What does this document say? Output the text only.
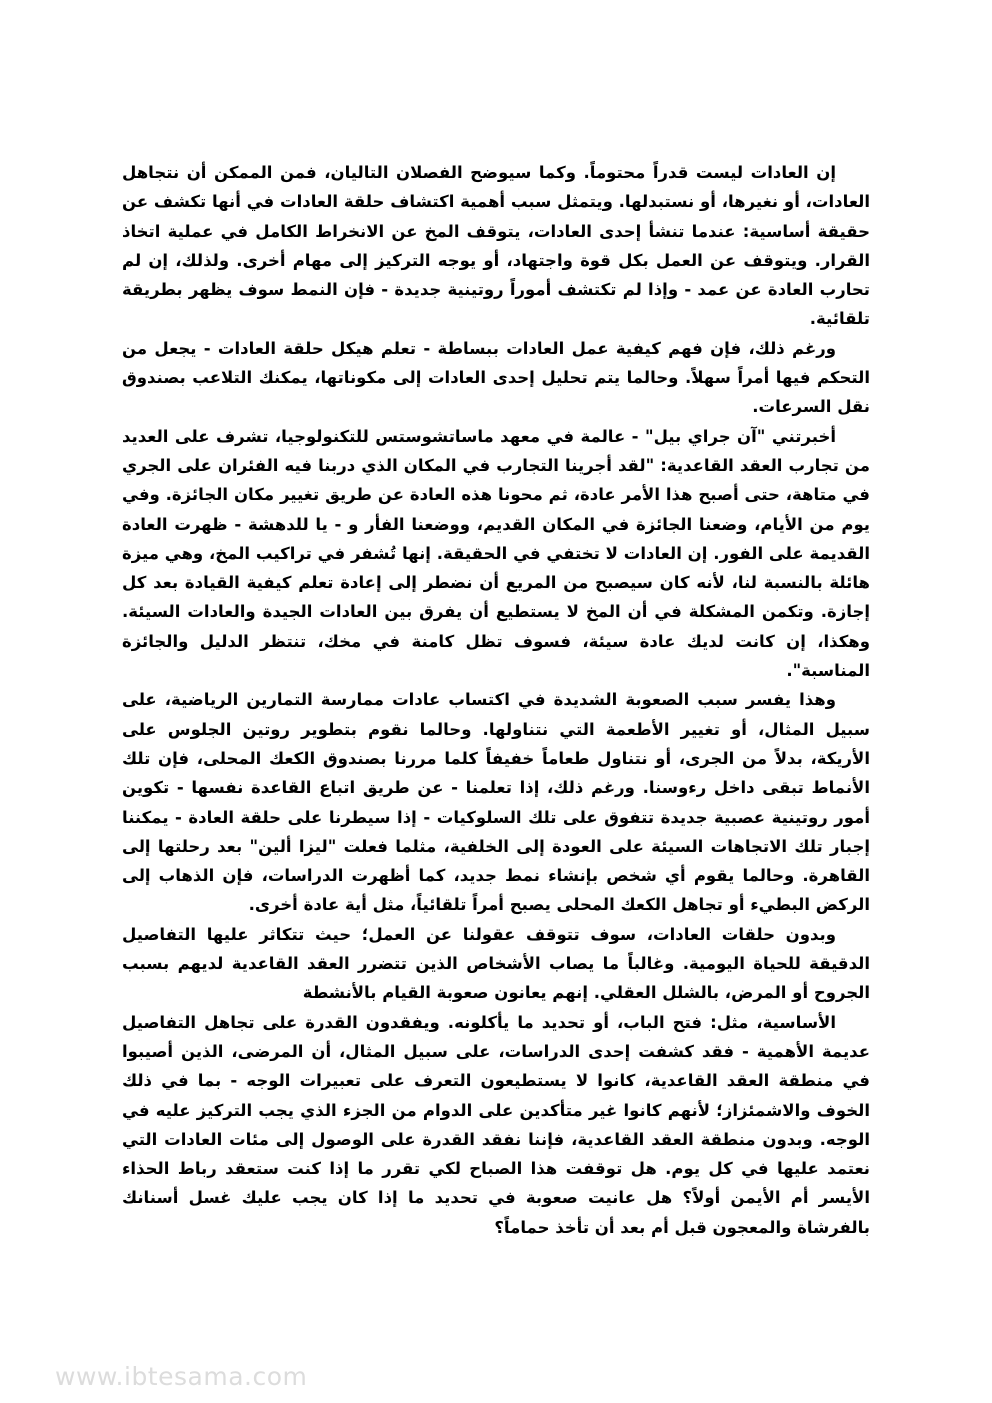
إن العادات ليست قدراً محتوماً. وكما سيوضح الفصلان التاليان، فمن الممكن أن نتجاهل العادات، أو نغيرها، أو نستبدلها. ويتمثل سبب أهمية اكتشاف حلقة العادات في أنها تكشف عن حقيقة أساسية: عندما تنشأ إحدى العادات، يتوقف المخ عن الانخراط الكامل في عملية اتخاذ القرار. ويتوقف عن العمل بكل قوة واجتهاد، أو يوجه التركيز إلى مهام أخرى. ولذلك، إن لم تحارب العادة عن عمد - وإذا لم تكتشف أموراً روتينية جديدة - فإن النمط سوف يظهر بطريقة تلقائية.

ورغم ذلك، فإن فهم كيفية عمل العادات ببساطة - تعلم هيكل حلقة العادات - يجعل من التحكم فيها أمراً سهلاً. وحالما يتم تحليل إحدى العادات إلى مكوناتها، يمكنك التلاعب بصندوق نقل السرعات.

أخبرتني "آن جراي بيل" - عالمة في معهد ماساتشوستس للتكنولوجيا، تشرف على العديد من تجارب العقد القاعدية: "لقد أجرينا التجارب في المكان الذي دربنا فيه الفئران على الجري في متاهة، حتى أصبح هذا الأمر عادة، ثم محونا هذه العادة عن طريق تغيير مكان الجائزة. وفي يوم من الأيام، وضعنا الجائزة في المكان القديم، ووضعنا الفأر و - يا للدهشة - ظهرت العادة القديمة على الفور. إن العادات لا تختفي في الحقيقة. إنها تُشفر في تراكيب المخ، وهي ميزة هائلة بالنسبة لنا، لأنه كان سيصبح من المريع أن نضطر إلى إعادة تعلم كيفية القيادة بعد كل إجازة. وتكمن المشكلة في أن المخ لا يستطيع أن يفرق بين العادات الجيدة والعادات السيئة. وهكذا، إن كانت لديك عادة سيئة، فسوف تظل كامنة في مخك، تنتظر الدليل والجائزة المناسبة".

وهذا يفسر سبب الصعوبة الشديدة في اكتساب عادات ممارسة التمارين الرياضية، على سبيل المثال، أو تغيير الأطعمة التي نتناولها. وحالما نقوم بتطوير روتين الجلوس على الأريكة، بدلاً من الجرى، أو نتناول طعاماً خفيفاً كلما مررنا بصندوق الكعك المحلى، فإن تلك الأنماط تبقى داخل رءوسنا. ورغم ذلك، إذا تعلمنا - عن طريق اتباع القاعدة نفسها - تكوين أمور روتينية عصبية جديدة تتفوق على تلك السلوكيات - إذا سيطرنا على حلقة العادة - يمكننا إجبار تلك الاتجاهات السيئة على العودة إلى الخلفية، مثلما فعلت "ليزا ألين" بعد رحلتها إلى القاهرة. وحالما يقوم أي شخص بإنشاء نمط جديد، كما أظهرت الدراسات، فإن الذهاب إلى الركض البطيء أو تجاهل الكعك المحلى يصبح أمراً تلقائياً، مثل أية عادة أخرى.

وبدون حلقات العادات، سوف تتوقف عقولنا عن العمل؛ حيث تتكاثر عليها التفاصيل الدقيقة للحياة اليومية. وغالباً ما يصاب الأشخاص الذين تتضرر العقد القاعدية لديهم بسبب الجروح أو المرض، بالشلل العقلي. إنهم يعانون صعوبة القيام بالأنشطة

الأساسية، مثل: فتح الباب، أو تحديد ما يأكلونه. ويفقدون القدرة على تجاهل التفاصيل عديمة الأهمية - فقد كشفت إحدى الدراسات، على سبيل المثال، أن المرضى، الذين أصيبوا في منطقة العقد القاعدية، كانوا لا يستطيعون التعرف على تعبيرات الوجه - بما في ذلك الخوف والاشمئزاز؛ لأنهم كانوا غير متأكدين على الدوام من الجزء الذي يجب التركيز عليه في الوجه. وبدون منطقة العقد القاعدية، فإننا نفقد القدرة على الوصول إلى مئات العادات التي نعتمد عليها في كل يوم. هل توقفت هذا الصباح لكي تقرر ما إذا كنت ستعقد رباط الحذاء الأيسر أم الأيمن أولاً؟ هل عانيت صعوبة في تحديد ما إذا كان يجب عليك غسل أسنانك بالفرشاة والمعجون قبل أم بعد أن تأخذ حماماً؟

www.ibtesama.com
